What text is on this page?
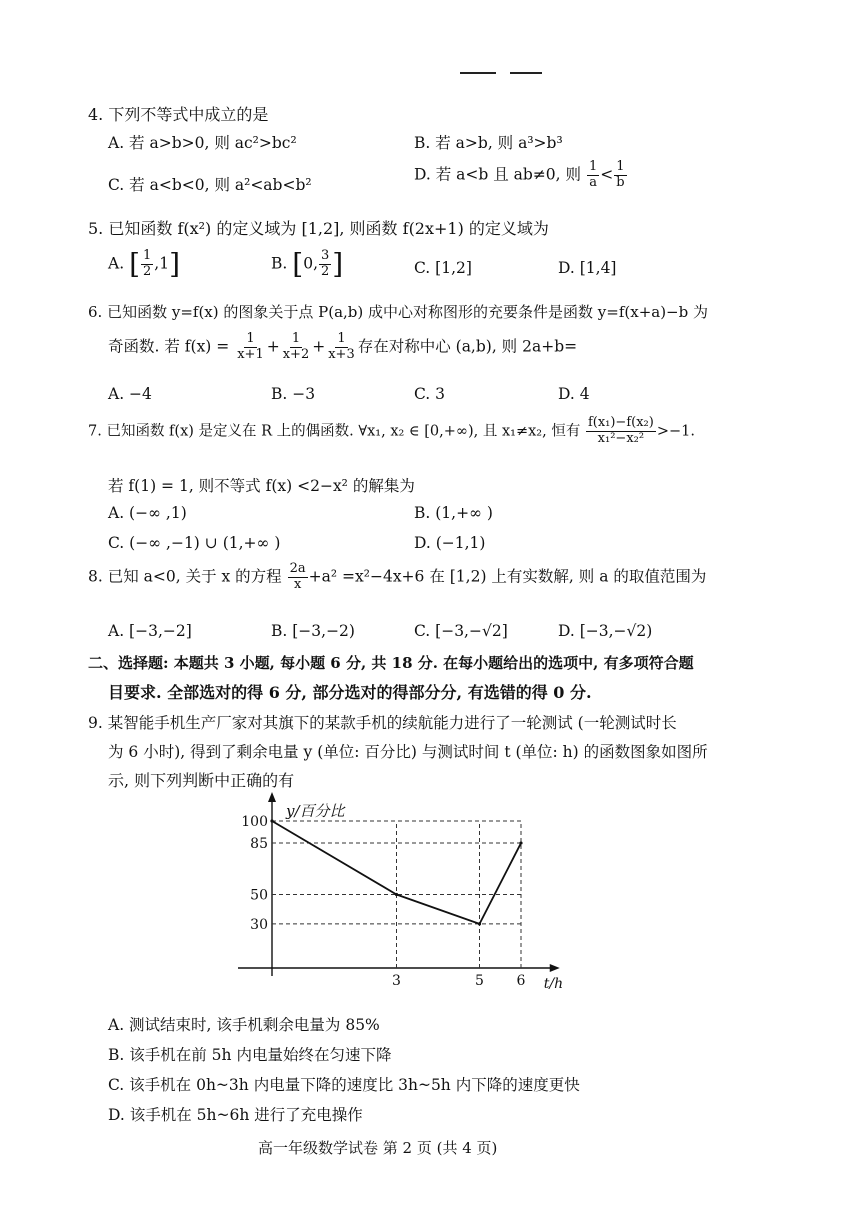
4. 下列不等式中成立的是
A. 若 a>b>0, 则 ac²>bc²	B. 若 a>b, 则 a³>b³
C. 若 a<b<0, 则 a²<ab<b²
D. 若 a<b 且 ab≠0, 则 $\frac{1}{a} < \frac{1}{b}$
5. 已知函数 f(x²) 的定义域为 [1,2], 则函数 f(2x+1) 的定义域为
A. [ $\frac{1}{2} ,1$]	B. [0, $\frac{3}{2}$ ]	C. [1,2]	D. [1,4]
6. 已知函数 y=f(x) 的图象关于点 P(a,b) 成中心对称图形的充要条件是函数 y=f(x+a)−b 为
奇函数. 若 $f(x) = \frac{1}{x+1} + \frac{1}{x+2} + \frac{1}{x+3}$ 存在对称中心 (a,b), 则 2a+b=
A. −4	B. −3	C. 3	D. 4
7. 已知函数 f(x) 是定义在 R 上的偶函数. ∀x₁, x₂ ∈ [0,+∞), 且 x₁≠x₂, 恒有 $\frac{\text{f(x₁)−f(x₂)}}{\text{x₁²−x₂²}} >-1$.
若 f(1) = 1, 则不等式 f(x) <2−x² 的解集为
A. (−∞ ,1)	B. (1,+∞ )
C. (−∞ ,−1) ∪ (1,+∞ )	D. (−1,1)
8. 已知 a<0, 关于 x 的方程 $\frac{2a}{x} +a^2 =x^2-4x+6$ 在 [1,2) 上有实数解, 则 a 的取值范围为
A. [−3,−2]	B. [−3,−2)	C. [−3,−√2]	D. [−3,−√2)
二、选择题: 本题共 3 小题, 每小题 6 分, 共 18 分. 在每小题给出的选项中, 有多项符合题
目要求. 全部选对的得 6 分, 部分选对的得部分分, 有选错的得 0 分.
9. 某智能手机生产厂家对其旗下的某款手机的续航能力进行了一轮测试 (一轮测试时长
为 6 小时), 得到了剩余电量 y (单位: 百分比) 与测试时间 t (单位: h) 的函数图象如图所
示, 则下列判断中正确的有
100
85
50
30
3	5 6
y/百分比
t/h
A. 测试结束时, 该手机剩余电量为 85%
B. 该手机在前 5h 内电量始终在匀速下降
C. 该手机在 0h~3h 内电量下降的速度比 3h~5h 内下降的速度更快
D. 该手机在 5h~6h 进行了充电操作
高一年级数学试卷 第 2 页 (共 4 页)
